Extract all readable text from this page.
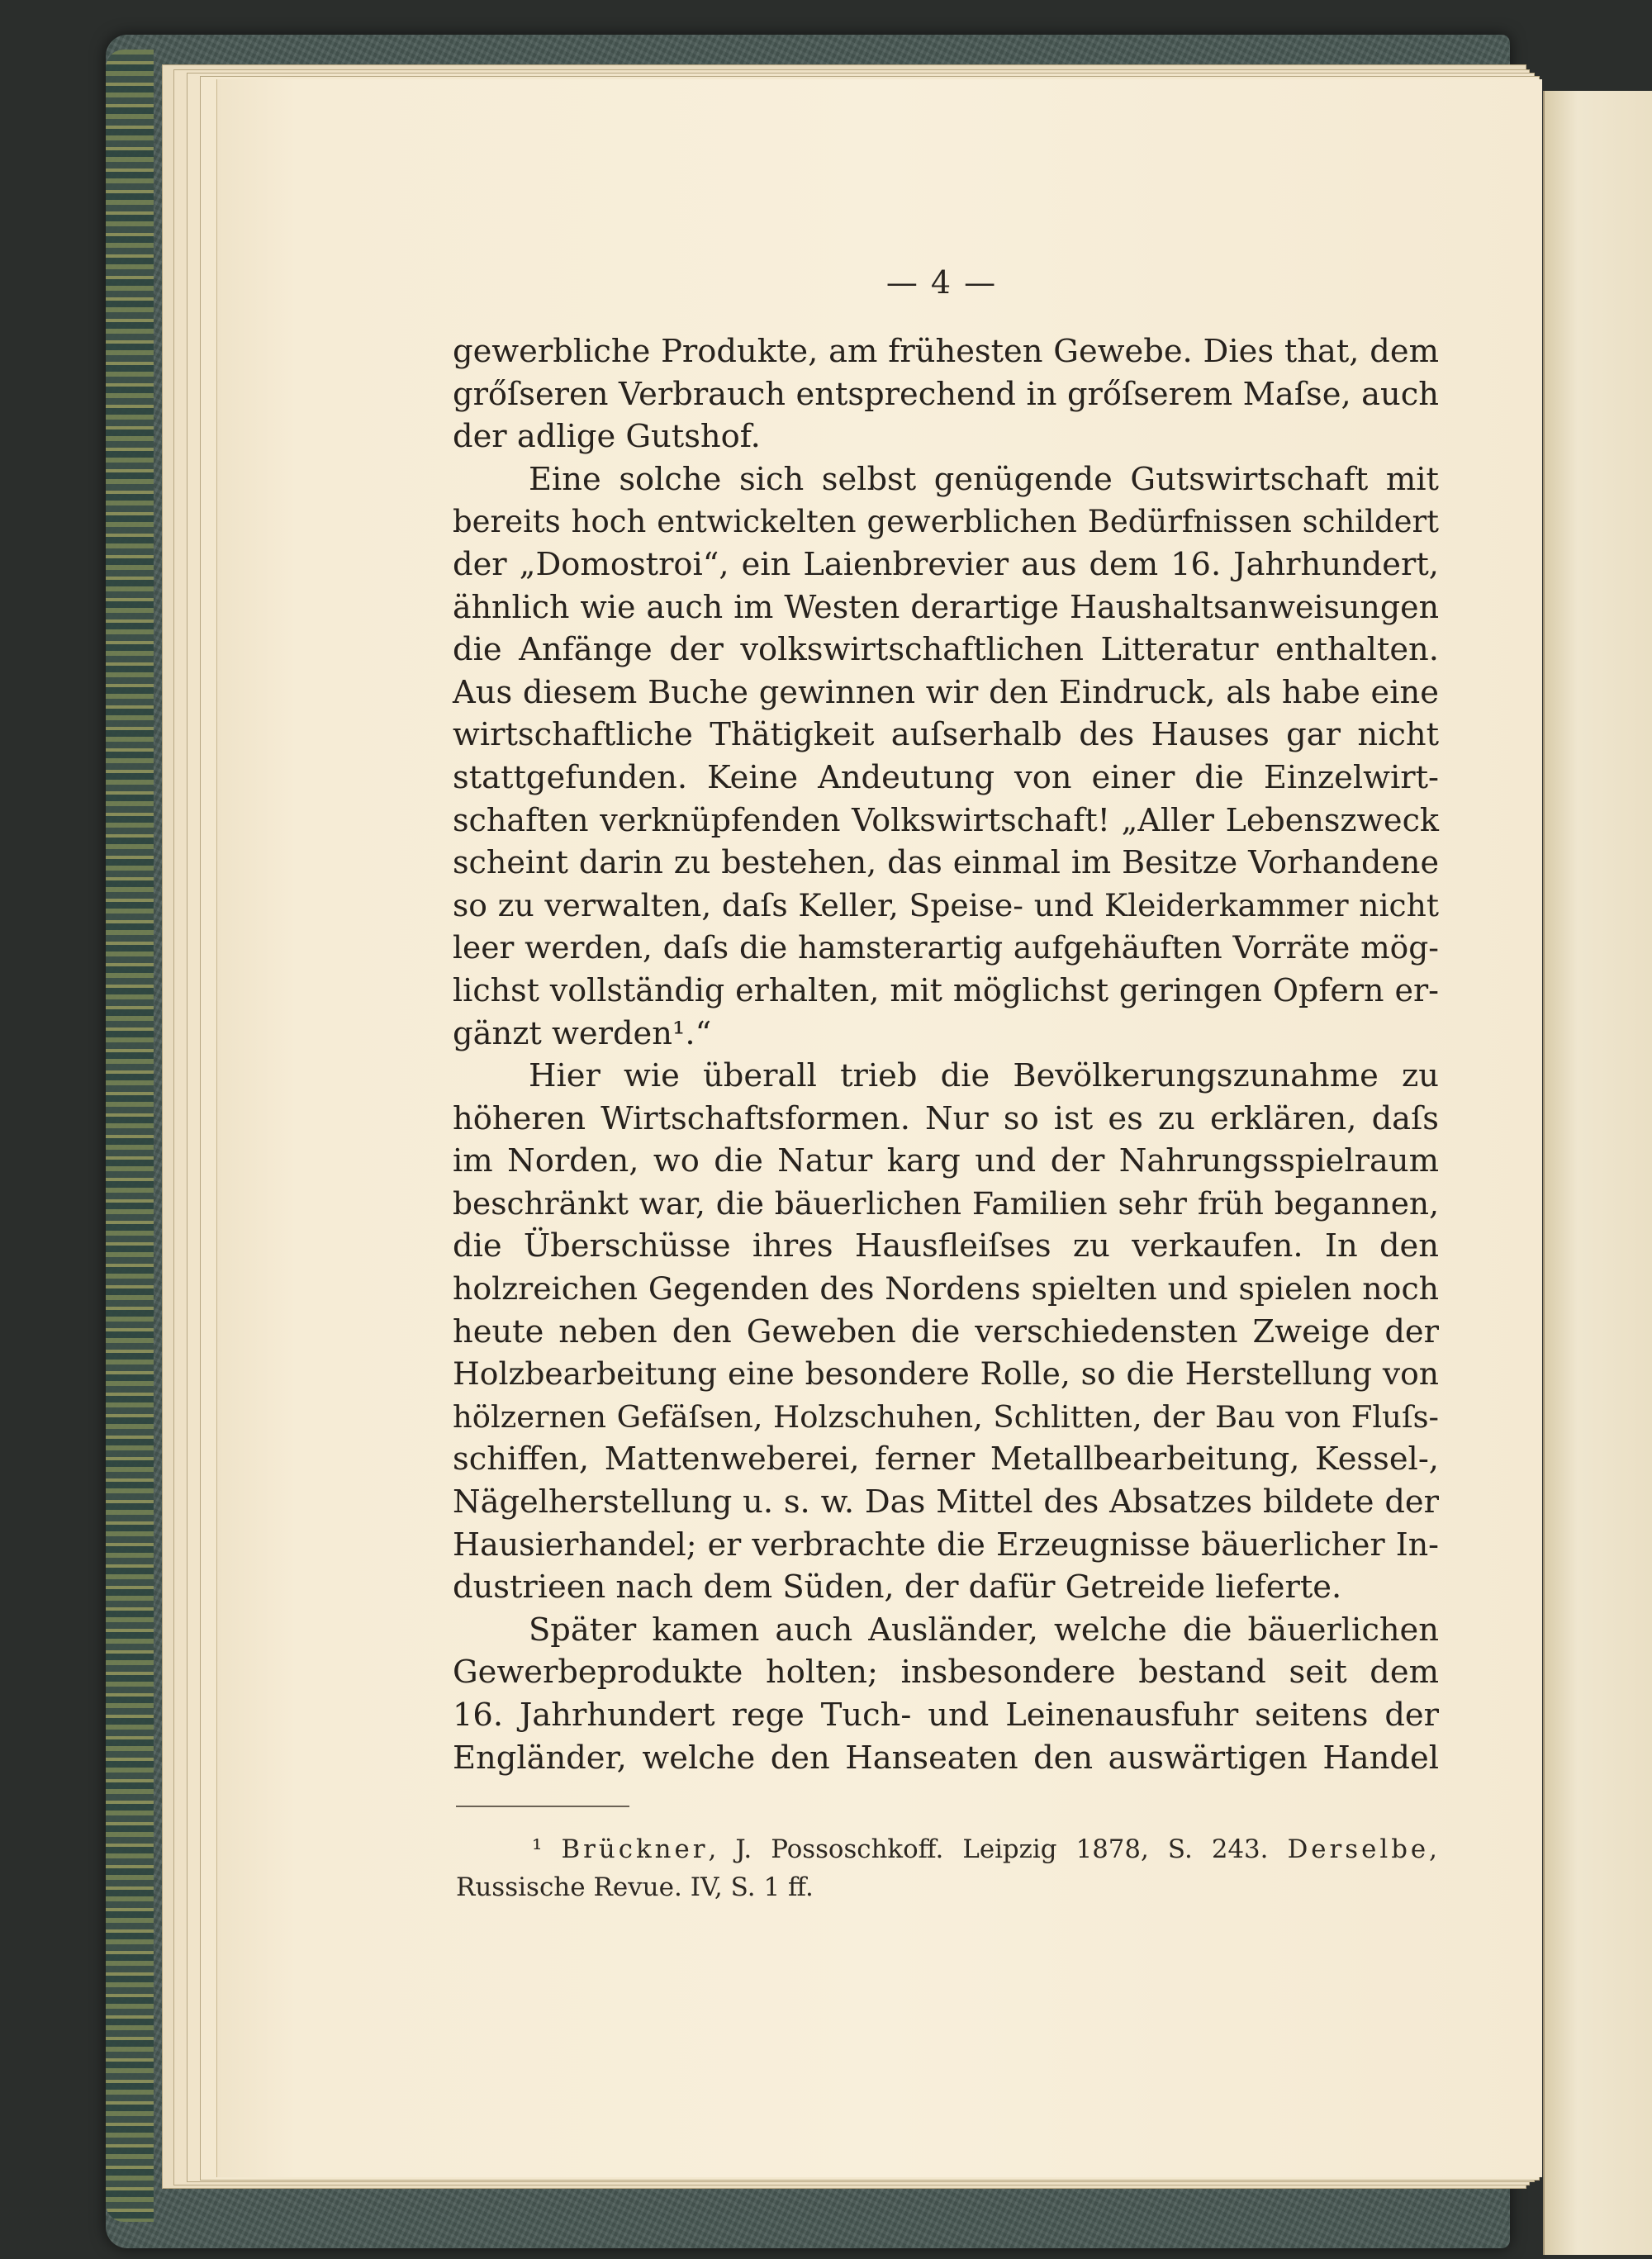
— 4 —
gewerbliche Produkte, am frühesten Gewebe. Dies that, dem
grőſseren Verbrauch entsprechend in grőſserem Maſse, auch
der adlige Gutshof.
Eine solche sich selbst genügende Gutswirtschaft mit
bereits hoch entwickelten gewerblichen Bedürfnissen schildert
der „Domostroi“, ein Laienbrevier aus dem 16. Jahrhundert,
ähnlich wie auch im Westen derartige Haushaltsanweisungen
die Anfänge der volkswirtschaftlichen Litteratur enthalten.
Aus diesem Buche gewinnen wir den Eindruck, als habe eine
wirtschaftliche Thätigkeit auſserhalb des Hauses gar nicht
stattgefunden. Keine Andeutung von einer die Einzelwirt-
schaften verknüpfenden Volkswirtschaft! „Aller Lebenszweck
scheint darin zu bestehen, das einmal im Besitze Vorhandene
so zu verwalten, daſs Keller, Speise- und Kleiderkammer nicht
leer werden, daſs die hamsterartig aufgehäuften Vorräte mög-
lichst vollständig erhalten, mit möglichst geringen Opfern er-
gänzt werden¹.“
Hier wie überall trieb die Bevölkerungszunahme zu
höheren Wirtschaftsformen. Nur so ist es zu erklären, daſs
im Norden, wo die Natur karg und der Nahrungsspielraum
beschränkt war, die bäuerlichen Familien sehr früh begannen,
die Überschüsse ihres Hausfleiſses zu verkaufen. In den
holzreichen Gegenden des Nordens spielten und spielen noch
heute neben den Geweben die verschiedensten Zweige der
Holzbearbeitung eine besondere Rolle, so die Herstellung von
hölzernen Gefäſsen, Holzschuhen, Schlitten, der Bau von Fluſs-
schiffen, Mattenweberei, ferner Metallbearbeitung, Kessel-,
Nägelherstellung u. s. w. Das Mittel des Absatzes bildete der
Hausierhandel; er verbrachte die Erzeugnisse bäuerlicher In-
dustrieen nach dem Süden, der dafür Getreide lieferte.
Später kamen auch Ausländer, welche die bäuerlichen
Gewerbeprodukte holten; insbesondere bestand seit dem
16. Jahrhundert rege Tuch- und Leinenausfuhr seitens der
Engländer, welche den Hanseaten den auswärtigen Handel
¹ Brückner, J. Possoschkoff. Leipzig 1878, S. 243. Derselbe,
Russische Revue. IV, S. 1 ff.
